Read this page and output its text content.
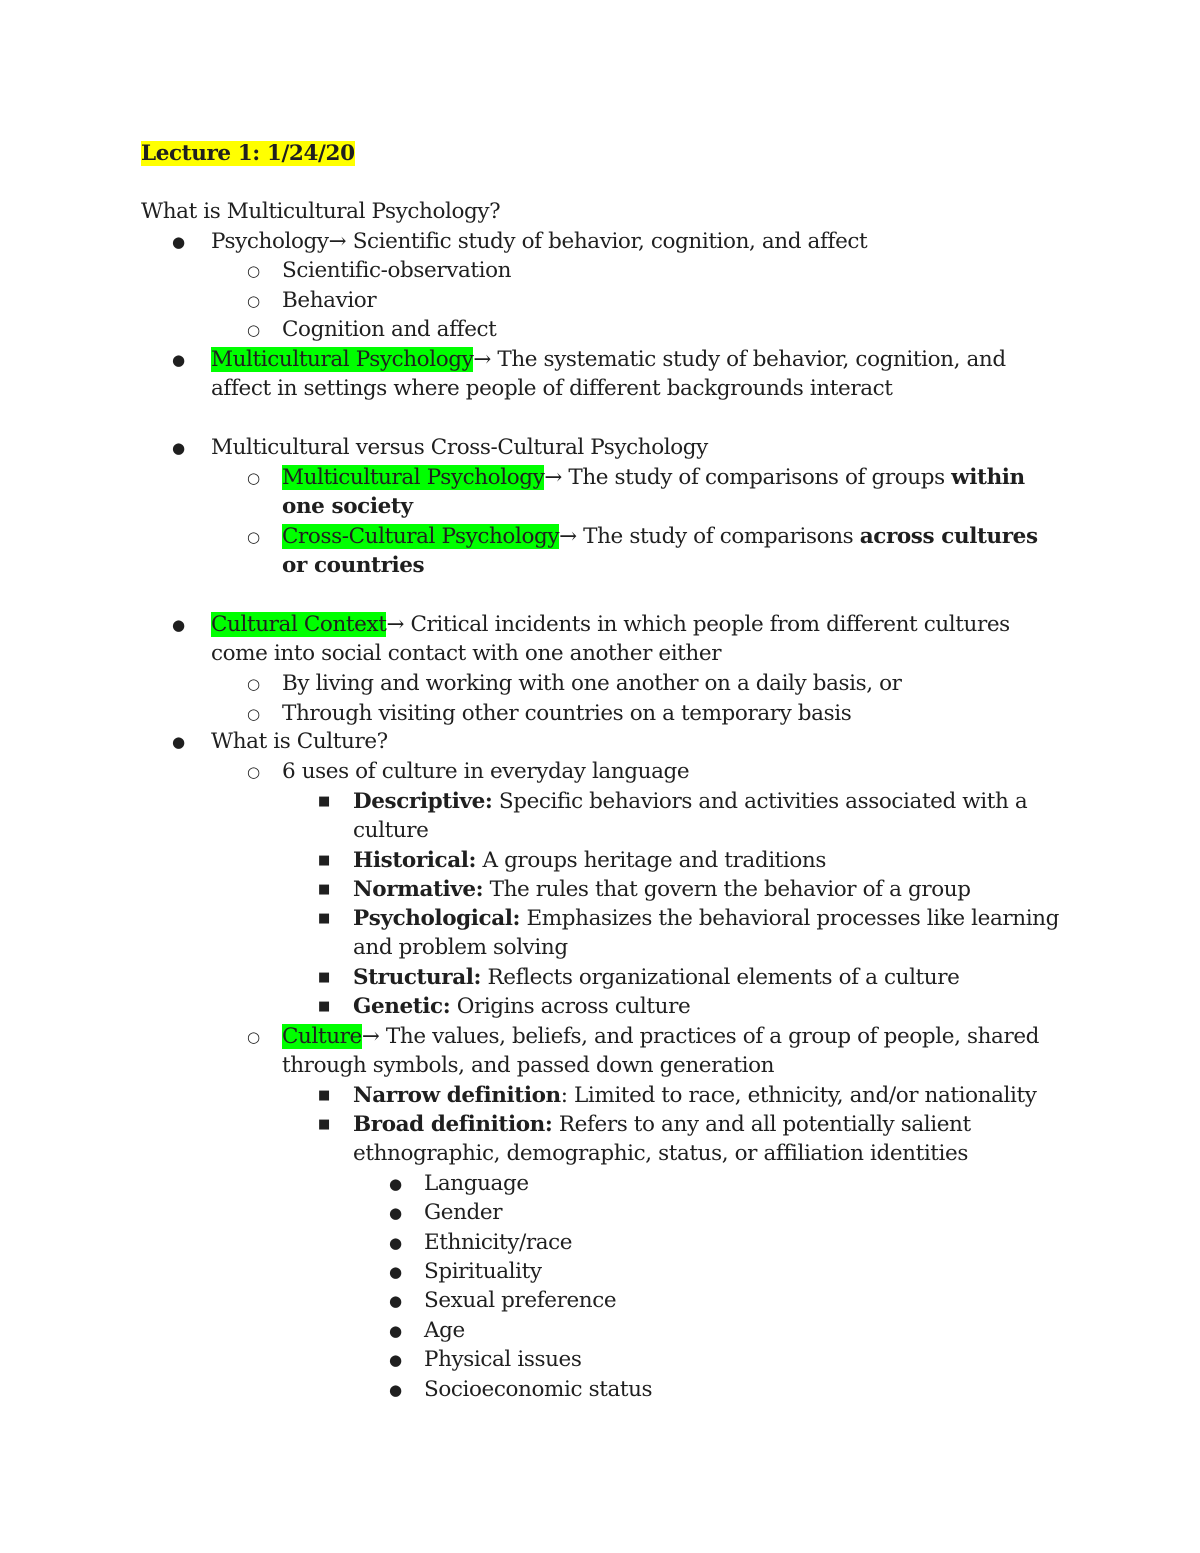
Lecture 1: 1/24/20
What is Multicultural Psychology?
● Psychology→ Scientific study of behavior, cognition, and affect
○ Scientific-observation
○ Behavior
○ Cognition and affect
● Multicultural Psychology→ The systematic study of behavior, cognition, and
affect in settings where people of different backgrounds interact
● Multicultural versus Cross-Cultural Psychology
○ Multicultural Psychology→ The study of comparisons of groups within
one society
○ Cross-Cultural Psychology→ The study of comparisons across cultures
or countries
● Cultural Context→ Critical incidents in which people from different cultures
come into social contact with one another either
○ By living and working with one another on a daily basis, or
○ Through visiting other countries on a temporary basis
● What is Culture?
○ 6 uses of culture in everyday language
■ Descriptive: Specific behaviors and activities associated with a
culture
■ Historical: A groups heritage and traditions
■ Normative: The rules that govern the behavior of a group
■ Psychological: Emphasizes the behavioral processes like learning
and problem solving
■ Structural: Reflects organizational elements of a culture
■ Genetic: Origins across culture
○ Culture→ The values, beliefs, and practices of a group of people, shared
through symbols, and passed down generation
■ Narrow definition: Limited to race, ethnicity, and/or nationality
■ Broad definition: Refers to any and all potentially salient
ethnographic, demographic, status, or affiliation identities
● Language
● Gender
● Ethnicity/race
● Spirituality
● Sexual preference
● Age
● Physical issues
● Socioeconomic status
